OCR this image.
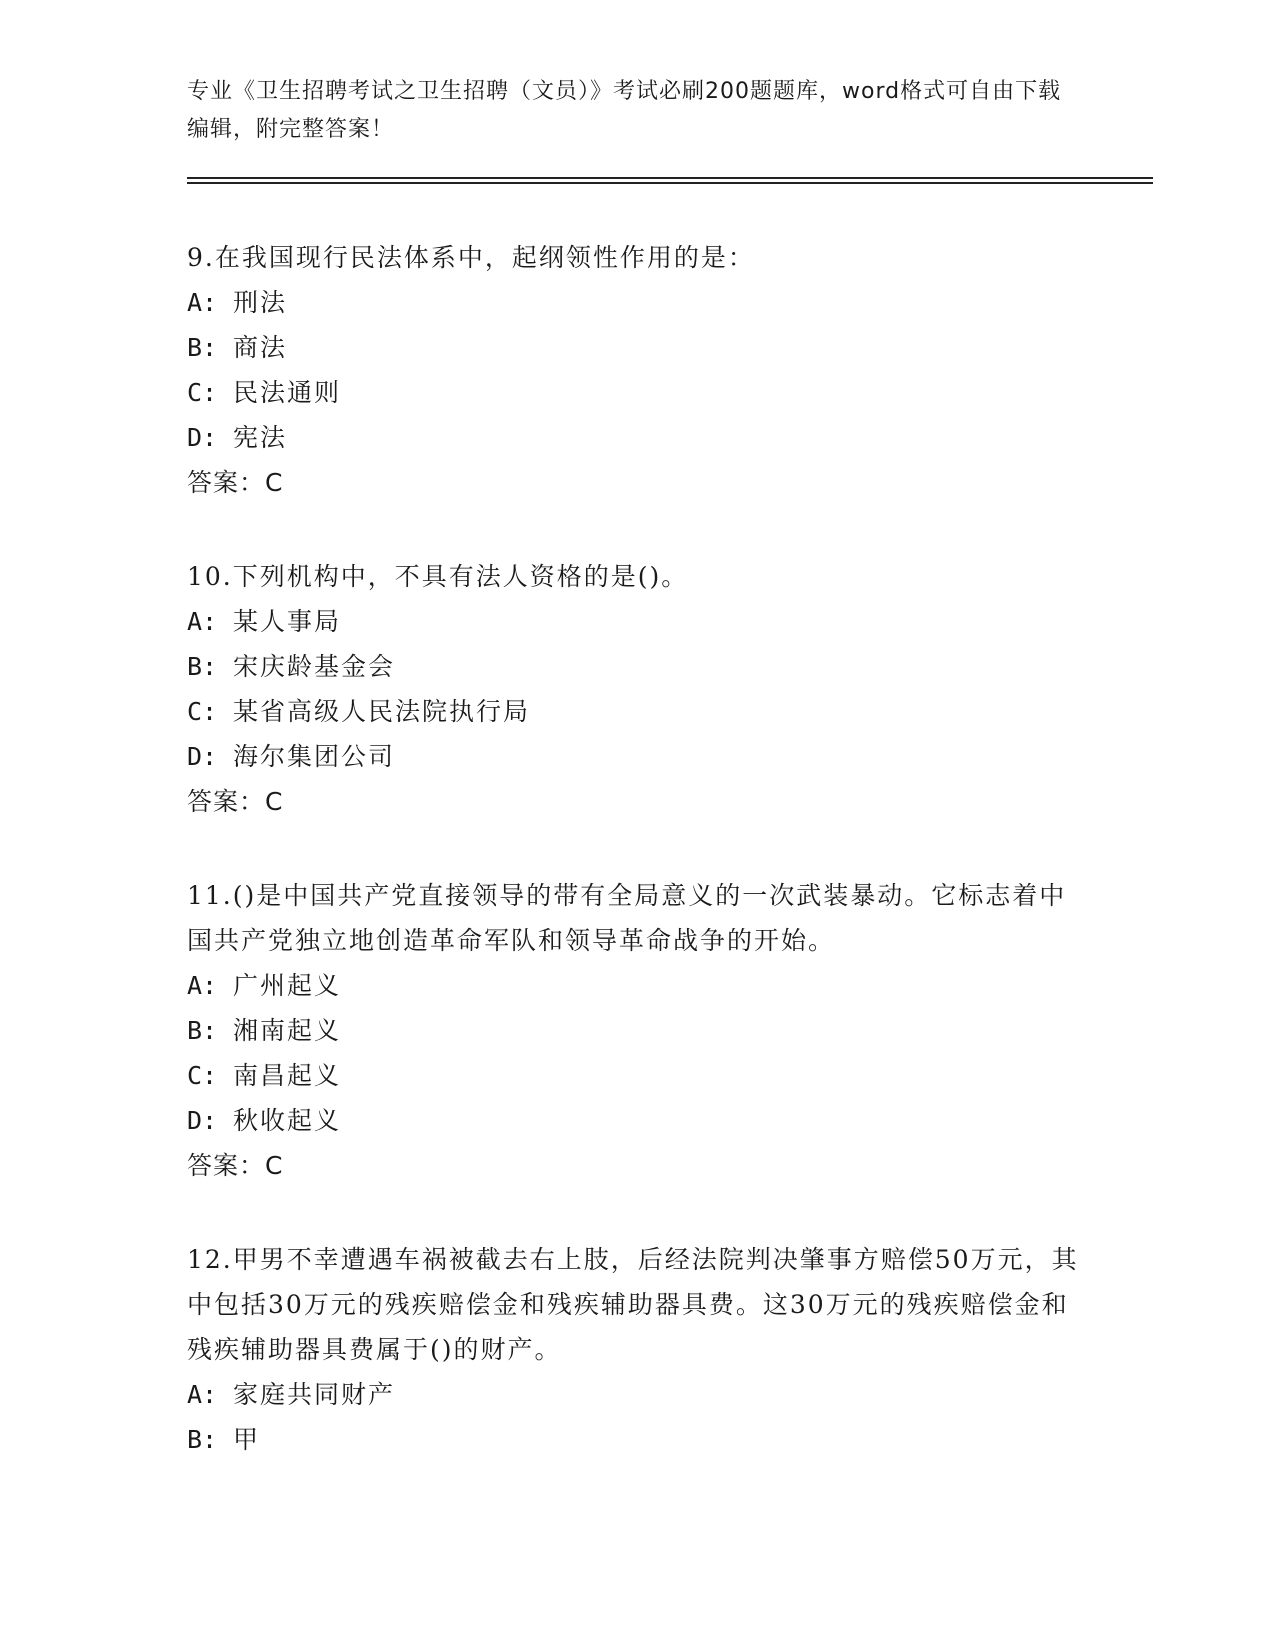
专业《卫生招聘考试之卫生招聘（文员）》考试必刷200题题库，word格式可自由下载编辑，附完整答案！
9.在我国现行民法体系中，起纲领性作用的是：
A: 刑法
B: 商法
C: 民法通则
D: 宪法
答案：C
10.下列机构中，不具有法人资格的是()。
A: 某人事局
B: 宋庆龄基金会
C: 某省高级人民法院执行局
D: 海尔集团公司
答案：C
11.()是中国共产党直接领导的带有全局意义的一次武装暴动。它标志着中国共产党独立地创造革命军队和领导革命战争的开始。
A: 广州起义
B: 湘南起义
C: 南昌起义
D: 秋收起义
答案：C
12.甲男不幸遭遇车祸被截去右上肢，后经法院判决肇事方赔偿50万元，其中包括30万元的残疾赔偿金和残疾辅助器具费。这30万元的残疾赔偿金和残疾辅助器具费属于()的财产。
A: 家庭共同财产
B: 甲
